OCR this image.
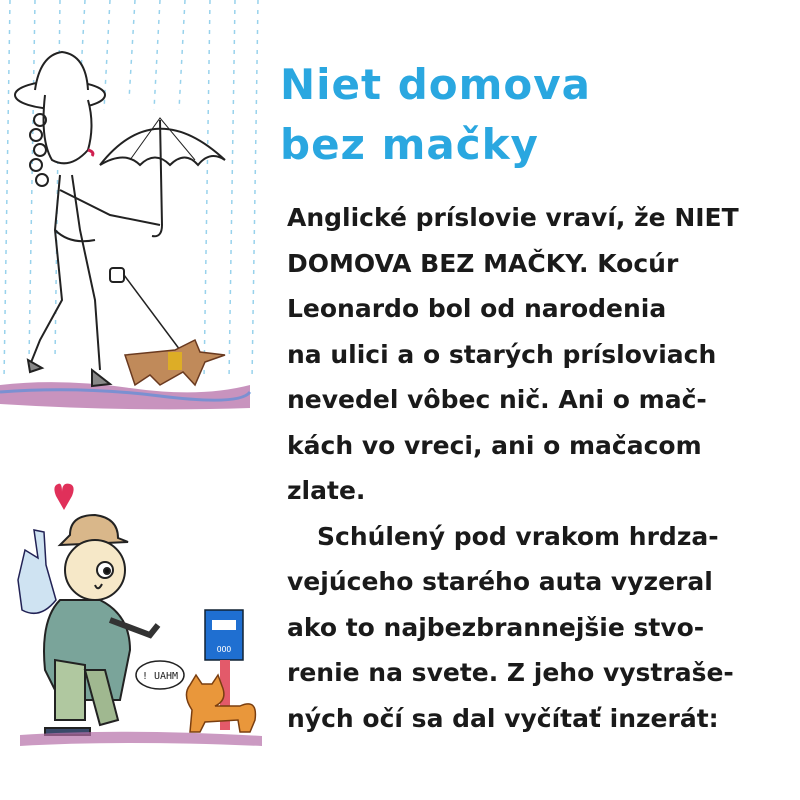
! UAHM
OOO
Niet domova
bez mačky
Anglické príslovie vraví, že NIET
DOMOVA BEZ MAČKY. Kocúr
Leonardo bol od narodenia
na ulici a o starých prísloviach
nevedel vôbec nič. Ani o mač-
kách vo vreci, ani o mačacom
zlate.
Schúlený pod vrakom hrdza-
vejúceho starého auta vyzeral
ako to najbezbrannejšie stvo-
renie na svete. Z jeho vystraše-
ných očí sa dal vyčítať inzerát:
